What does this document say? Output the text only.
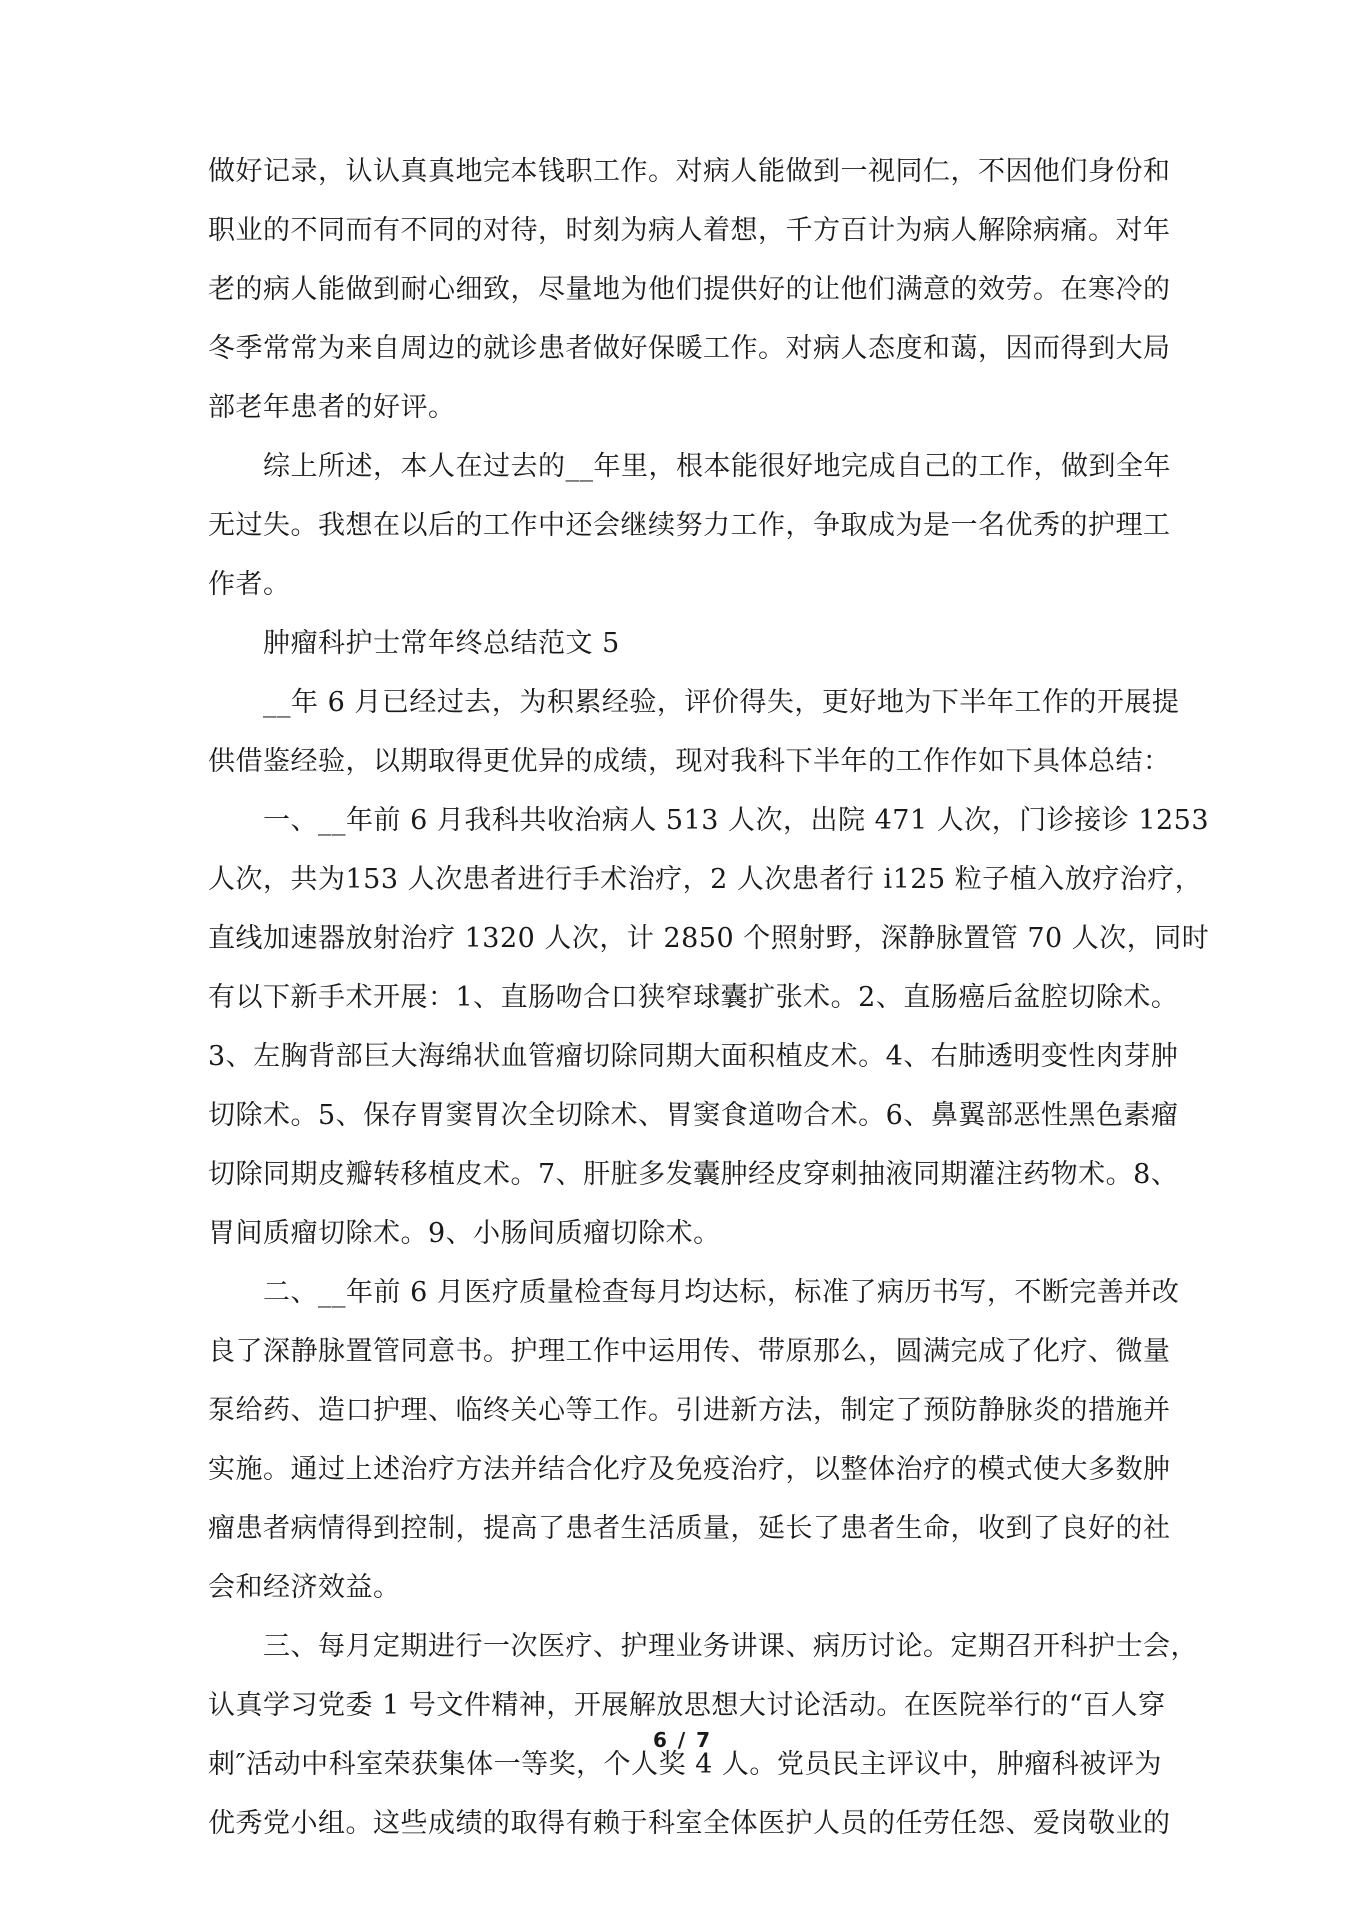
做好记录，认认真真地完本钱职工作。对病人能做到一视同仁，不因他们身份和
职业的不同而有不同的对待，时刻为病人着想，千方百计为病人解除病痛。对年
老的病人能做到耐心细致，尽量地为他们提供好的让他们满意的效劳。在寒冷的
冬季常常为来自周边的就诊患者做好保暖工作。对病人态度和蔼，因而得到大局
部老年患者的好评。
综上所述，本人在过去的__年里，根本能很好地完成自己的工作，做到全年
无过失。我想在以后的工作中还会继续努力工作，争取成为是一名优秀的护理工
作者。
肿瘤科护士常年终总结范文 5
__年 6 月已经过去，为积累经验，评价得失，更好地为下半年工作的开展提
供借鉴经验，以期取得更优异的成绩，现对我科下半年的工作作如下具体总结：
一、__年前 6 月我科共收治病人 513 人次，出院 471 人次，门诊接诊 1253
人次，共为153 人次患者进行手术治疗，2 人次患者行 i125 粒子植入放疗治疗，
直线加速器放射治疗 1320 人次，计 2850 个照射野，深静脉置管 70 人次，同时
有以下新手术开展：1、直肠吻合口狭窄球囊扩张术。2、直肠癌后盆腔切除术。
3、左胸背部巨大海绵状血管瘤切除同期大面积植皮术。4、右肺透明变性肉芽肿
切除术。5、保存胃窦胃次全切除术、胃窦食道吻合术。6、鼻翼部恶性黑色素瘤
切除同期皮瓣转移植皮术。7、肝脏多发囊肿经皮穿刺抽液同期灌注药物术。8、
胃间质瘤切除术。9、小肠间质瘤切除术。
二、__年前 6 月医疗质量检查每月均达标，标准了病历书写，不断完善并改
良了深静脉置管同意书。护理工作中运用传、带原那么，圆满完成了化疗、微量
泵给药、造口护理、临终关心等工作。引进新方法，制定了预防静脉炎的措施并
实施。通过上述治疗方法并结合化疗及免疫治疗，以整体治疗的模式使大多数肿
瘤患者病情得到控制，提高了患者生活质量，延长了患者生命，收到了良好的社
会和经济效益。
三、每月定期进行一次医疗、护理业务讲课、病历讨论。定期召开科护士会，
认真学习党委 1 号文件精神，开展解放思想大讨论活动。在医院举行的“百人穿
刺″活动中科室荣获集体一等奖，个人奖 4 人。党员民主评议中，肿瘤科被评为
优秀党小组。这些成绩的取得有赖于科室全体医护人员的任劳任怨、爱岗敬业的
6 / 7
